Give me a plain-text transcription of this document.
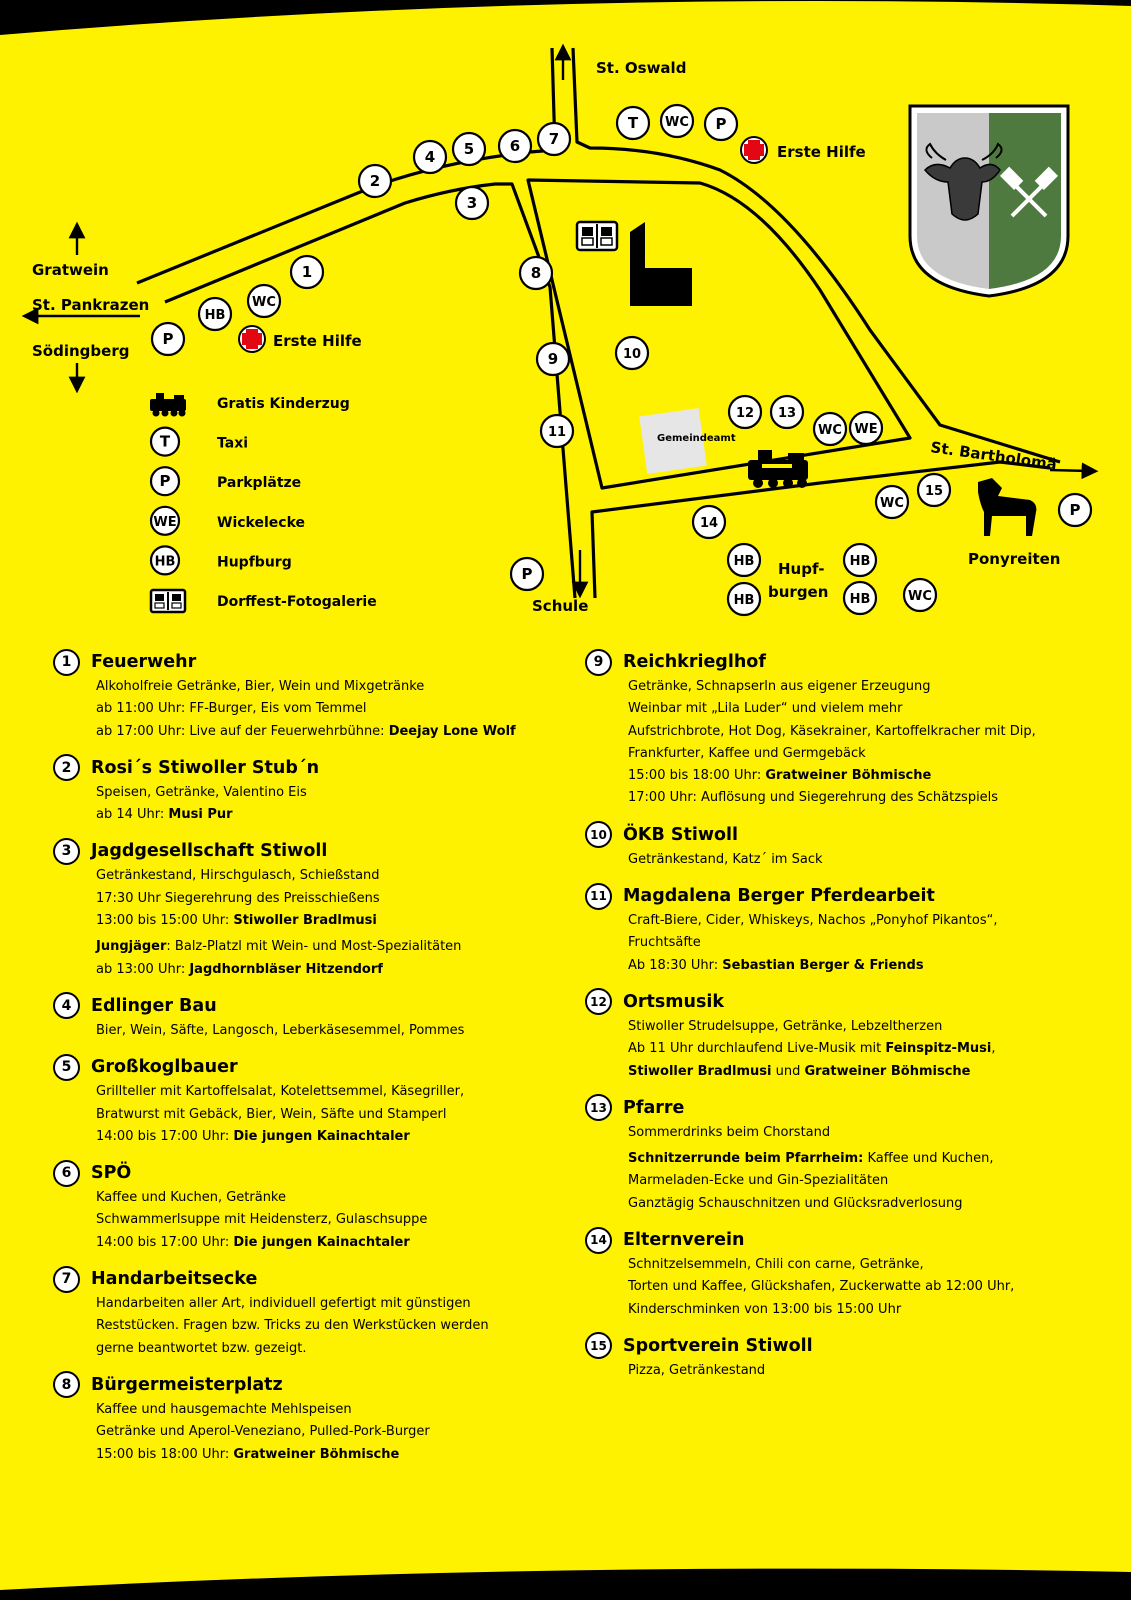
St. Oswald
Gratwein
St. Pankrazen
Södingberg
St. Bartholomä
Schule
Gemeindeamt
Erste Hilfe
Erste Hilfe
Hupf-
burgen
Ponyreiten
1
2
3
4 5 6 7
8
9	10
11
12 13
14
15
T WC P
HB
WC
P
WC WE
WC	P
P
HB	HB
HB	HB	WC
Gratis Kinderzug
T	Taxi
P	Parkplätze
WE	Wickelecke
HB	Hupfburg
Dorffest-Fotogalerie
1	Feuerwehr
Alkoholfreie Getränke, Bier, Wein und Mixgetränke
ab 11:00 Uhr: FF-Burger, Eis vom Temmel
ab 17:00 Uhr: Live auf der Feuerwehrbühne: Deejay Lone Wolf
2	Rosi´s Stiwoller Stub´n
Speisen, Getränke, Valentino Eis
ab 14 Uhr: Musi Pur
3	Jagdgesellschaft Stiwoll
Getränkestand, Hirschgulasch, Schießstand
17:30 Uhr Siegerehrung des Preisschießens
13:00 bis 15:00 Uhr: Stiwoller Bradlmusi
Jungjäger: Balz-Platzl mit Wein- und Most-Spezialitäten
ab 13:00 Uhr: Jagdhornbläser Hitzendorf
4	Edlinger Bau
Bier, Wein, Säfte, Langosch, Leberkäsesemmel, Pommes
5	Großkoglbauer
Grillteller mit Kartoffelsalat, Kotelettsemmel, Käsegriller,
Bratwurst mit Gebäck, Bier, Wein, Säfte und Stamperl
14:00 bis 17:00 Uhr: Die jungen Kainachtaler
6	SPÖ
Kaffee und Kuchen, Getränke
Schwammerlsuppe mit Heidensterz, Gulaschsuppe
14:00 bis 17:00 Uhr: Die jungen Kainachtaler
7	Handarbeitsecke
Handarbeiten aller Art, individuell gefertigt mit günstigen
Reststücken. Fragen bzw. Tricks zu den Werkstücken werden
gerne beantwortet bzw. gezeigt.
8	Bürgermeisterplatz
Kaffee und hausgemachte Mehlspeisen
Getränke und Aperol-Veneziano, Pulled-Pork-Burger
15:00 bis 18:00 Uhr: Gratweiner Böhmische
9	Reichkrieglhof
Getränke, Schnapserln aus eigener Erzeugung
Weinbar mit „Lila Luder“ und vielem mehr
Aufstrichbrote, Hot Dog, Käsekrainer, Kartoffelkracher mit Dip,
Frankfurter, Kaffee und Germgebäck
15:00 bis 18:00 Uhr: Gratweiner Böhmische
17:00 Uhr: Auflösung und Siegerehrung des Schätzspiels
10 ÖKB Stiwoll
Getränkestand, Katz´ im Sack
11 Magdalena Berger Pferdearbeit
Craft-Biere, Cider, Whiskeys, Nachos „Ponyhof Pikantos“,
Fruchtsäfte
Ab 18:30 Uhr: Sebastian Berger & Friends
12 Ortsmusik
Stiwoller Strudelsuppe, Getränke, Lebzeltherzen
Ab 11 Uhr durchlaufend Live-Musik mit Feinspitz-Musi,
Stiwoller Bradlmusi und Gratweiner Böhmische
13 Pfarre
Sommerdrinks beim Chorstand
Schnitzerrunde beim Pfarrheim: Kaffee und Kuchen,
Marmeladen-Ecke und Gin-Spezialitäten
Ganztägig Schauschnitzen und Glücksradverlosung
14 Elternverein
Schnitzelsemmeln, Chili con carne, Getränke,
Torten und Kaffee, Glückshafen, Zuckerwatte ab 12:00 Uhr,
Kinderschminken von 13:00 bis 15:00 Uhr
15 Sportverein Stiwoll
Pizza, Getränkestand
